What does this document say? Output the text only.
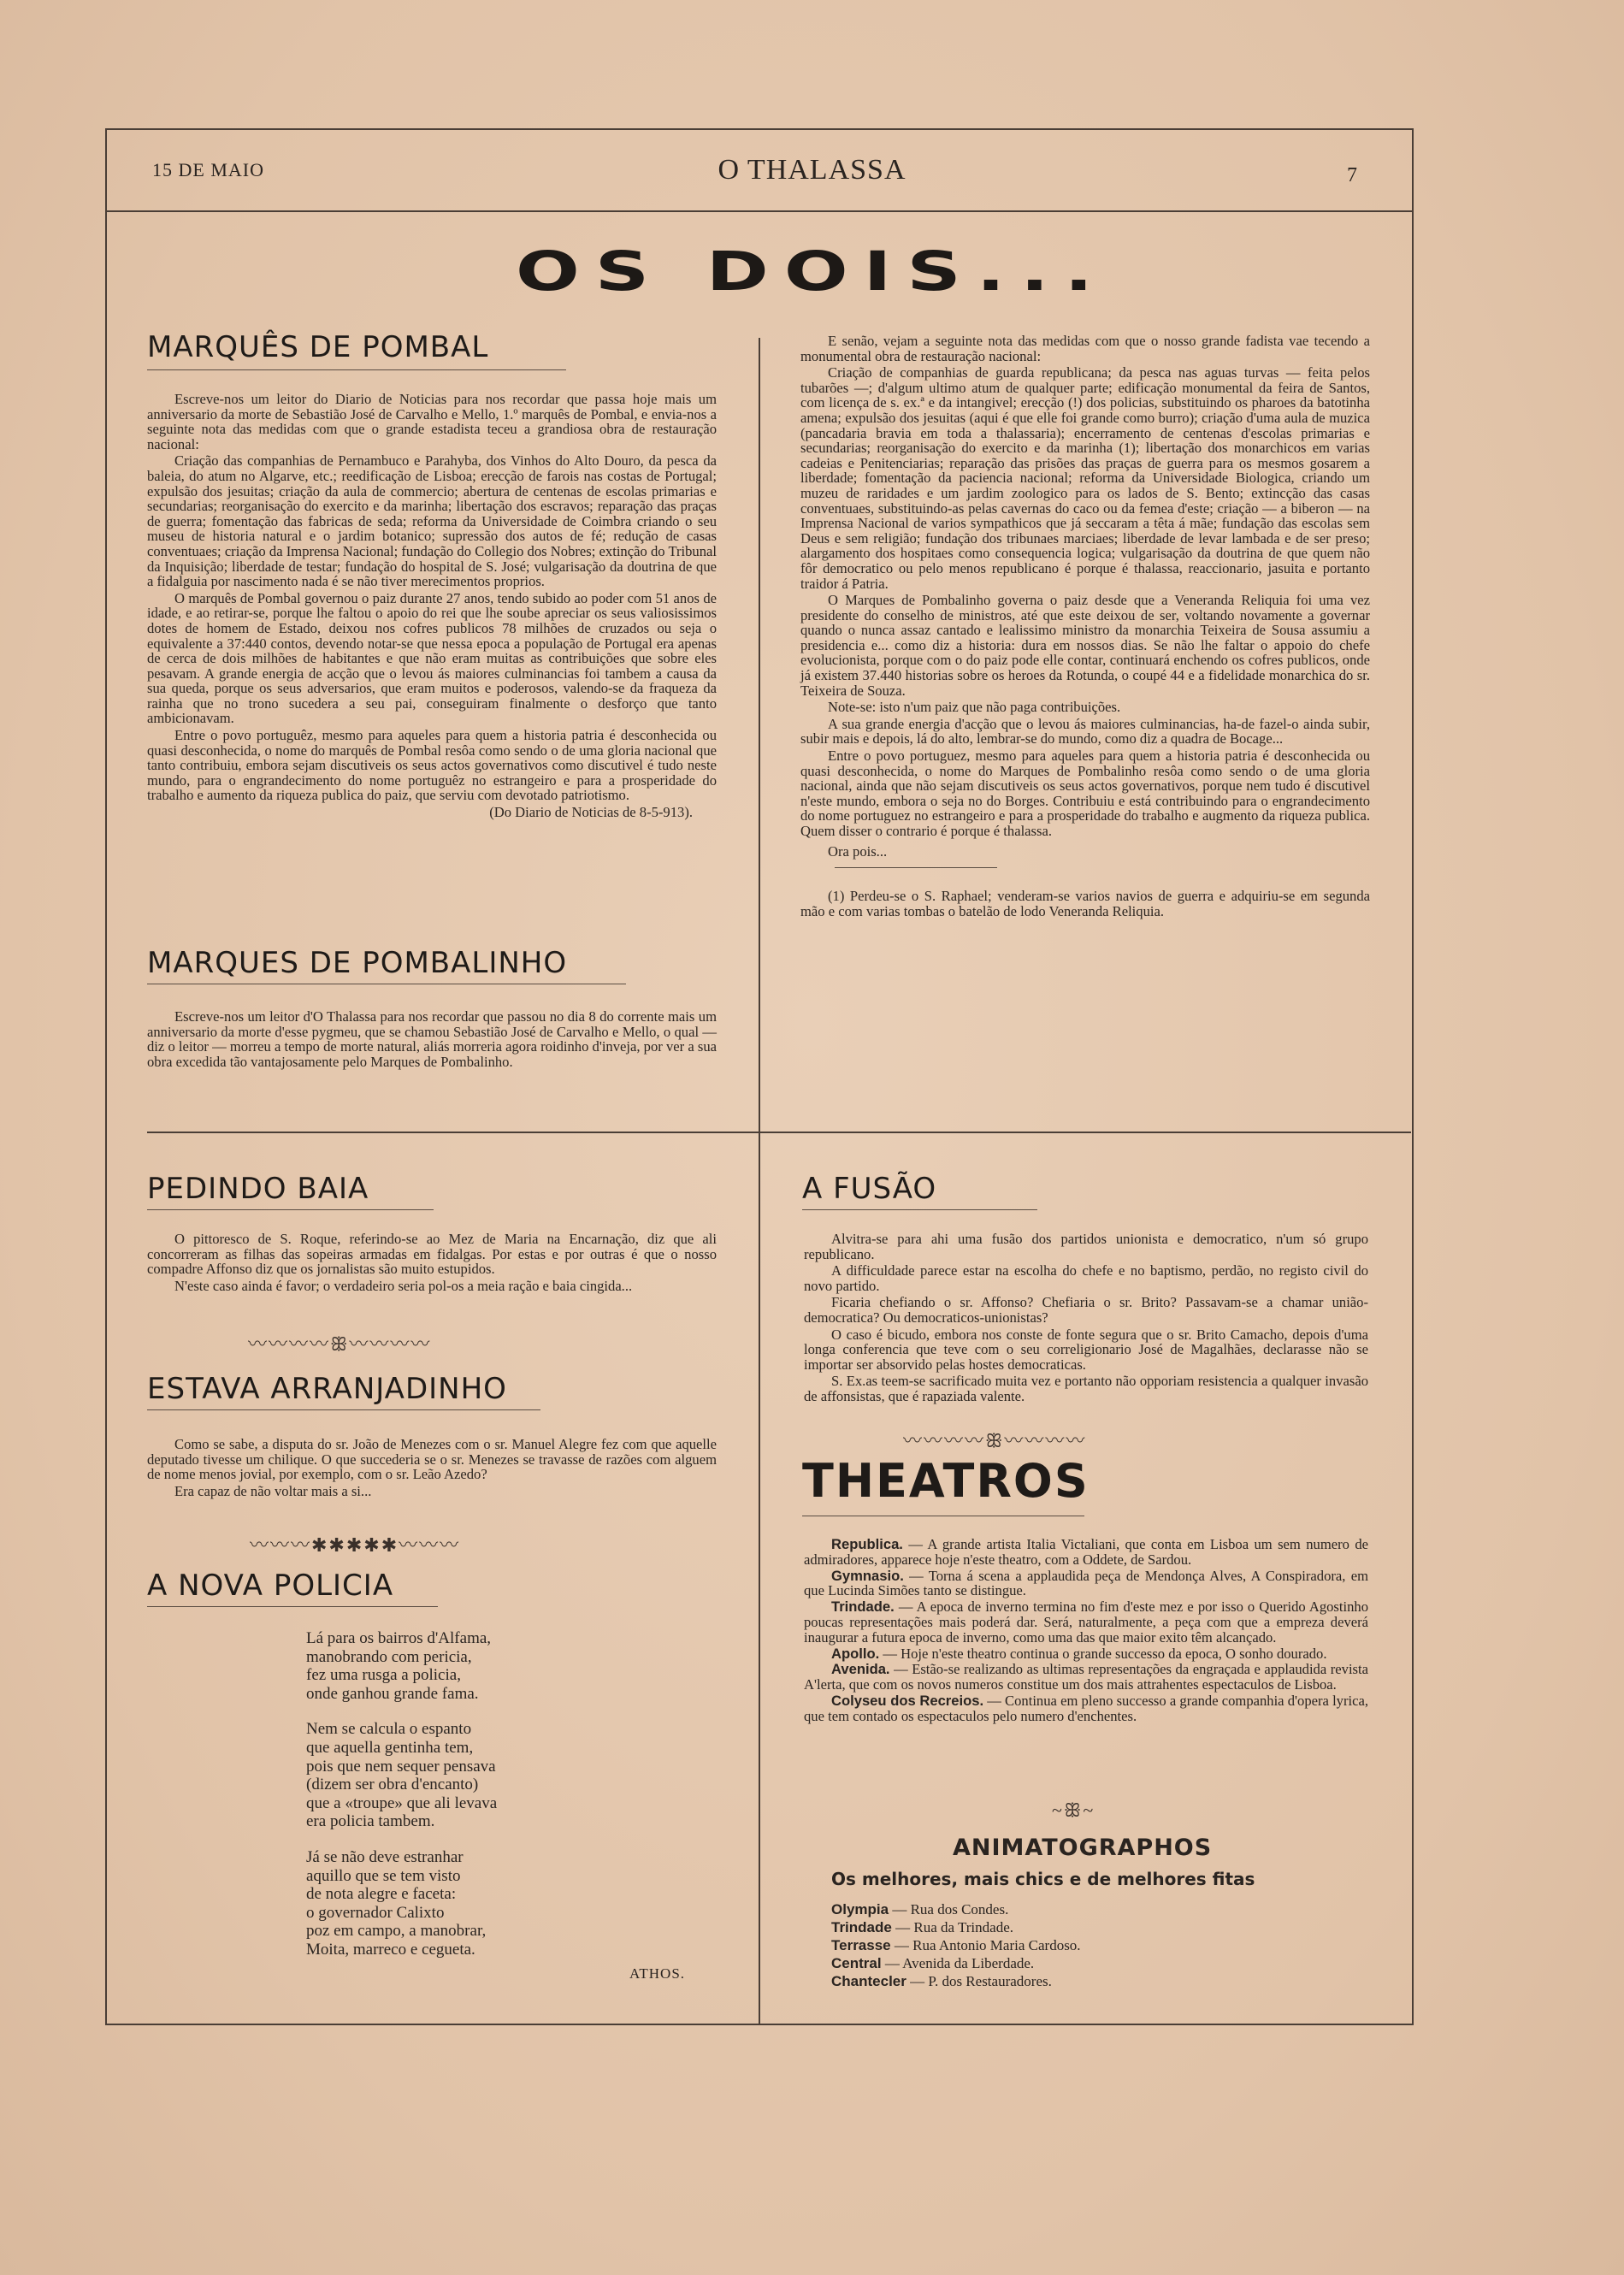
15 DE MAIO	O THALASSA	7
OS DOIS...
MARQUÊS DE POMBAL

Escreve-nos um leitor do Diario de Noticias para nos recordar que passa hoje mais um anniversario da morte de Sebastião José de Carvalho e Mello, 1.º marquês de Pombal, e envia-nos a seguinte nota das medidas com que o grande estadista teceu a grandiosa obra de restauração nacional:

Criação das companhias de Pernambuco e Parahyba, dos Vinhos do Alto Douro, da pesca da baleia, do atum no Algarve, etc.; reedificação de Lisboa; erecção de farois nas costas de Portugal; expulsão dos jesuitas; criação da aula de commercio; abertura de centenas de escolas primarias e secundarias; reorganisação do exercito e da marinha; libertação dos escravos; reparação das praças de guerra; fomentação das fabricas de seda; reforma da Universidade de Coimbra criando o seu museu de historia natural e o jardim botanico; supressão dos autos de fé; redução de casas conventuaes; criação da Imprensa Nacional; fundação do Collegio dos Nobres; extinção do Tribunal da Inquisição; liberdade de testar; fundação do hospital de S. José; vulgarisação da doutrina de que a fidalguia por nascimento nada é se não tiver merecimentos proprios.

O marquês de Pombal governou o paiz durante 27 anos, tendo subido ao poder com 51 anos de idade, e ao retirar-se, porque lhe faltou o apoio do rei que lhe soube apreciar os seus valiosissimos dotes de homem de Estado, deixou nos cofres publicos 78 milhões de cruzados ou seja o equivalente a 37:440 contos, devendo notar-se que nessa epoca a população de Portugal era apenas de cerca de dois milhões de habitantes e que não eram muitas as contribuições que sobre eles pesavam. A grande energia de acção que o levou ás maiores culminancias foi tambem a causa da sua queda, porque os seus adversarios, que eram muitos e poderosos, valendo-se da fraqueza da rainha que no trono sucedera a seu pai, conseguiram finalmente o desforço que tanto ambicionavam.

Entre o povo portuguêz, mesmo para aqueles para quem a historia patria é desconhecida ou quasi desconhecida, o nome do marquês de Pombal resôa como sendo o de uma gloria nacional que tanto contribuiu, embora sejam discutiveis os seus actos governativos como discutivel é tudo neste mundo, para o engrandecimento do nome portuguêz no estrangeiro e para a prosperidade do trabalho e aumento da riqueza publica do paiz, que serviu com devotado patriotismo.

(Do Diario de Noticias de 8-5-913).

MARQUES DE POMBALINHO

Escreve-nos um leitor d'O Thalassa para nos recordar que passou no dia 8 do corrente mais um anniversario da morte d'esse pygmeu, que se chamou Sebastião José de Carvalho e Mello, o qual — diz o leitor — morreu a tempo de morte natural, aliás morreria agora roidinho d'inveja, por ver a sua obra excedida tão vantajosamente pelo Marques de Pombalinho.

E senão, vejam a seguinte nota das medidas com que o nosso grande fadista vae tecendo a monumental obra de restauração nacional:

Criação de companhias de guarda republicana; da pesca nas aguas turvas — feita pelos tubarões —; d'algum ultimo atum de qualquer parte; edificação monumental da feira de Santos, com licença de s. ex.ª e da intangivel; erecção (!) dos policias, substituindo os pharoes da batotinha amena; expulsão dos jesuitas (aqui é que elle foi grande como burro); criação d'uma aula de muzica (pancadaria bravia em toda a thalassaria); encerramento de centenas d'escolas primarias e secundarias; reorganisação do exercito e da marinha (1); libertação dos monarchicos em varias cadeias e Penitenciarias; reparação das prisões das praças de guerra para os mesmos gosarem a liberdade; fomentação da paciencia nacional; reforma da Universidade Biologica, criando um muzeu de raridades e um jardim zoologico para os lados de S. Bento; extincção das casas conventuaes, substituindo-as pelas cavernas do caco ou da femea d'este; criação — a biberon — na Imprensa Nacional de varios sympathicos que já seccaram a têta á mãe; fundação das escolas sem Deus e sem religião; fundação dos tribunaes marciaes; liberdade de levar lambada e de ser preso; alargamento dos hospitaes como consequencia logica; vulgarisação da doutrina de que quem não fôr democratico ou pelo menos republicano é porque é thalassa, reaccionario, jasuita e portanto traidor á Patria.

O Marques de Pombalinho governa o paiz desde que a Veneranda Reliquia foi uma vez presidente do conselho de ministros, até que este deixou de ser, voltando novamente a governar quando o nunca assaz cantado e lealissimo ministro da monarchia Teixeira de Sousa assumiu a presidencia e... como diz a historia: dura em nossos dias. Se não lhe faltar o appoio do chefe evolucionista, porque com o do paiz pode elle contar, continuará enchendo os cofres publicos, onde já existem 37.440 historias sobre os heroes da Rotunda, o coupé 44 e a fidelidade monarchica do sr. Teixeira de Souza.

Note-se: isto n'um paiz que não paga contribuições.

A sua grande energia d'acção que o levou ás maiores culminancias, ha-de fazel-o ainda subir, subir mais e depois, lá do alto, lembrar-se do mundo, como diz a quadra de Bocage...

Entre o povo portuguez, mesmo para aqueles para quem a historia patria é desconhecida ou quasi desconhecida, o nome do Marques de Pombalinho resôa como sendo o de uma gloria nacional, ainda que não sejam discutiveis os seus actos governativos, porque nem tudo é discutivel n'este mundo, embora o seja no do Borges. Contribuiu e está contribuindo para o engrandecimento do nome portuguez no estrangeiro e para a prosperidade do trabalho e augmento da riqueza publica. Quem disser o contrario é porque é thalassa.

Ora pois...

(1) Perdeu-se o S. Raphael; venderam-se varios navios de guerra e adquiriu-se em segunda mão e com varias tombas o batelão de lodo Veneranda Reliquia.

PEDINDO BAIA

O pittoresco de S. Roque, referindo-se ao Mez de Maria na Encarnação, diz que ali concorreram as filhas das sopeiras armadas em fidalgas. Por estas e por outras é que o nosso compadre Affonso diz que os jornalistas são muito estupidos.

N'este caso ainda é favor; o verdadeiro seria pol-os a meia ração e baia cingida...

〰〰〰〰ꕥ〰〰〰〰
ESTAVA ARRANJADINHO

Como se sabe, a disputa do sr. João de Menezes com o sr. Manuel Alegre fez com que aquelle deputado tivesse um chilique. O que succederia se o sr. Menezes se travasse de razões com alguem de nome menos jovial, por exemplo, com o sr. Leão Azedo?

Era capaz de não voltar mais a si...

〰〰〰✱✱✱✱✱〰〰〰
A NOVA POLICIA
Lá para os bairros d'Alfama,
manobrando com pericia,
fez uma rusga a policia,
onde ganhou grande fama.
Nem se calcula o espanto
que aquella gentinha tem,
pois que nem sequer pensava
(dizem ser obra d'encanto)
que a «troupe» que ali levava
era policia tambem.
Já se não deve estranhar
aquillo que se tem visto
de nota alegre e faceta:
o governador Calixto
poz em campo, a manobrar,
Moita, marreco e cegueta.
ATHOS.
A FUSÃO

Alvitra-se para ahi uma fusão dos partidos unionista e democratico, n'um só grupo republicano.

A difficuldade parece estar na escolha do chefe e no baptismo, perdão, no registo civil do novo partido.

Ficaria chefiando o sr. Affonso? Chefiaria o sr. Brito? Passavam-se a chamar união-democratica? Ou democraticos-unionistas?

O caso é bicudo, embora nos conste de fonte segura que o sr. Brito Camacho, depois d'uma longa conferencia que teve com o seu correligionario José de Magalhães, declarasse não se importar ser absorvido pelas hostes democraticas.

S. Ex.as teem-se sacrificado muita vez e portanto não opporiam resistencia a qualquer invasão de affonsistas, que é rapaziada valente.

〰〰〰〰ꕥ〰〰〰〰
THEATROS

Republica. — A grande artista Italia Victaliani, que conta em Lisboa um sem numero de admiradores, apparece hoje n'este theatro, com a Oddete, de Sardou.

Gymnasio. — Torna á scena a applaudida peça de Mendonça Alves, A Conspiradora, em que Lucinda Simões tanto se distingue.

Trindade. — A epoca de inverno termina no fim d'este mez e por isso o Querido Agostinho poucas representações mais poderá dar. Será, naturalmente, a peça com que a empreza deverá inaugurar a futura epoca de inverno, como uma das que maior exito têm alcançado.

Apollo. — Hoje n'este theatro continua o grande successo da epoca, O sonho dourado.

Avenida. — Estão-se realizando as ultimas representações da engraçada e applaudida revista A'lerta, que com os novos numeros constitue um dos mais attrahentes espectaculos de Lisboa.

Colyseu dos Recreios. — Continua em pleno successo a grande companhia d'opera lyrica, que tem contado os espectaculos pelo numero d'enchentes.

~ꕥ~
ANIMATOGRAPHOS
Os melhores, mais chics e de melhores fitas
Olympia — Rua dos Condes.
Trindade — Rua da Trindade.
Terrasse — Rua Antonio Maria Cardoso.
Central — Avenida da Liberdade.
Chantecler — P. dos Restauradores.
